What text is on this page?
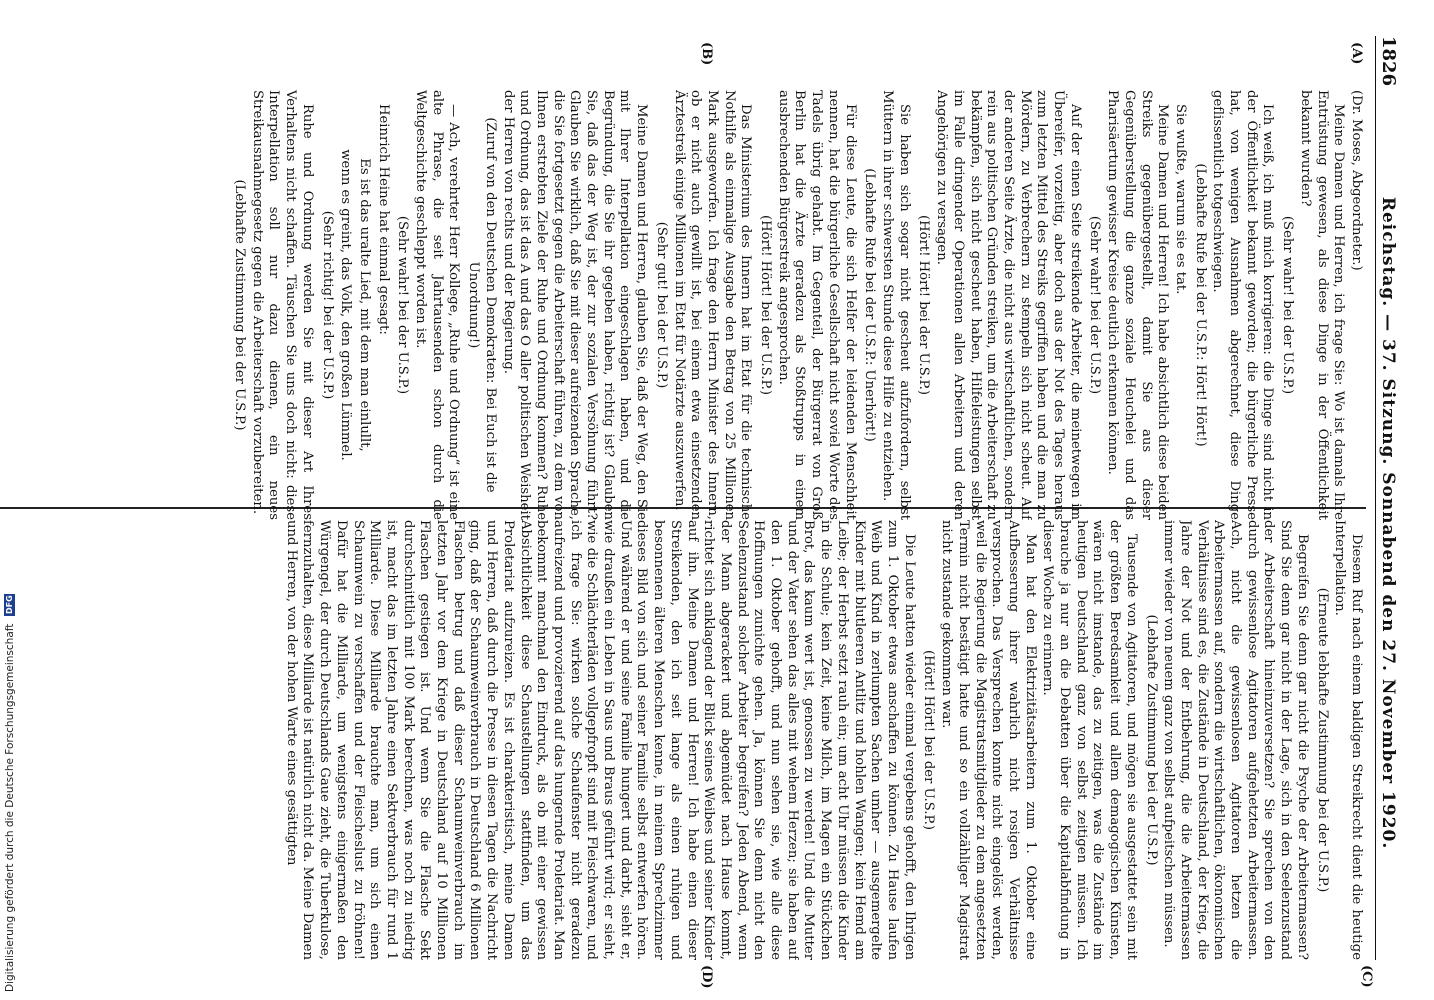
1826
Reichstag. — 37. Sitzung. Sonnabend den 27. November 1920.
(A)
(B)
(C)
(D)

(Dr. Moses, Abgeordneter.)

Meine Damen und Herren, ich frage Sie: Wo ist damals Ihre Entrüstung gewesen, als diese Dinge in der Öffentlichkeit bekannt wurden?

(Sehr wahr! bei der U.S.P.)

Ich weiß, ich muß mich korrigieren: die Dinge sind nicht in der Öffentlichkeit bekannt geworden; die bürgerliche Presse hat, von wenigen Ausnahmen abgerechnet, diese Dinge geflissentlich totgeschwiegen.

(Lebhafte Rufe bei der U.S.P.: Hört! Hört!)

Sie wußte, warum sie es tat.

Meine Damen und Herren! Ich habe absichtlich diese beiden Streiks gegenübergestellt, damit Sie aus dieser Gegenüberstellung die ganze soziale Heuchelei und das Pharisäertum gewisser Kreise deutlich erkennen können.

(Sehr wahr! bei der U.S.P.)

Auf der einen Seite streikende Arbeiter, die meinetwegen im Übereifer, vorzeitig, aber doch aus der Not des Tages heraus zum letzten Mittel des Streiks gegriffen haben und die man zu Mördern, zu Verbrechern zu stempeln sich nicht scheut. Auf der anderen Seite Ärzte, die nicht aus wirtschaftlichen, sondern rein aus politischen Gründen streiken, um die Arbeiterschaft zu bekämpfen, sich nicht gescheut haben, Hilfeleistungen selbst im Falle dringender Operationen allen Arbeitern und deren Angehörigen zu versagen.

(Hört! Hört! bei der U.S.P.)

Sie haben sich sogar nicht gescheut aufzufordern, selbst Müttern in ihrer schwersten Stunde diese Hilfe zu entziehen.

(Lebhafte Rufe bei der U.S.P.: Unerhört!)

Für diese Leute, die sich Helfer der leidenden Menschheit nennen, hat die bürgerliche Gesellschaft nicht soviel Worte des Tadels übrig gehabt. Im Gegenteil, der Bürgerrat von Groß Berlin hat die Ärzte geradezu als Stoßtrupps in einem ausbrechenden Bürgerstreik angesprochen.

(Hört! Hört! bei der U.S.P.)

Das Ministerium des Innern hat im Etat für die technische Nothilfe als einmalige Ausgabe den Betrag von 25 Millionen Mark ausgeworfen. Ich frage den Herrn Minister des Innern, ob er nicht auch gewillt ist, bei einem etwa einsetzenden Ärztestreik einige Millionen im Etat für Notärzte auszuwerfen.

(Sehr gut! bei der U.S.P.)

Meine Damen und Herren, glauben Sie, daß der Weg, den Sie mit Ihrer Interpellation eingeschlagen haben, und die Begründung, die Sie ihr gegeben haben, richtig ist? Glauben Sie, daß das der Weg ist, der zur sozialen Versöhnung führt? Glauben Sie wirklich, daß Sie mit dieser aufreizenden Sprache, die Sie fortgesetzt gegen die Arbeiterschaft führen, zu dem von Ihnen erstrebten Ziele der Ruhe und Ordnung kommen? Ruhe und Ordnung, das ist das A und das O aller politischen Weisheit der Herren von rechts und der Regierung.

(Zuruf von den Deutschen Demokraten: Bei Euch ist die Unordnung!)

— Ach, verehrter Herr Kollege, „Ruhe und Ordnung“ ist eine alte Phrase, die seit Jahrtausenden schon durch die Weltgeschichte geschleppt worden ist.

(Sehr wahr! bei der U.S.P.)

Heinrich Heine hat einmal gesagt:

Es ist das uralte Lied, mit dem man einlullt,

wenn es greint, das Volk, den großen Lümmel.

(Sehr richtig! bei der U.S.P.)

Ruhe und Ordnung werden Sie mit dieser Art Ihres Verhaltens nicht schaffen. Täuschen Sie uns doch nicht: diese Interpellation soll nur dazu dienen, ein neues Streikausnahmegesetz gegen die Arbeiterschaft vorzubereiten.

(Lebhafte Zustimmung bei der U.S.P.)

Diesem Ruf nach einem baldigen Streikrecht dient die heutige Interpellation.

(Erneute lebhafte Zustimmung bei der U.S.P.)

Begreifen Sie denn gar nicht die Psyche der Arbeitermassen? Sind Sie denn gar nicht in der Lage, sich in den Seelenzustand der Arbeiterschaft hineinzuversetzen? Sie sprechen von den durch gewissenlose Agitatoren aufgehetzten Arbeitermassen. Ach, nicht die gewissenlosen Agitatoren hetzen die Arbeitermassen auf, sondern die wirtschaftlichen, ökonomischen Verhältnisse sind es, die Zustände in Deutschland, der Krieg, die Jahre der Not und der Entbehrung, die die Arbeitermassen immer wieder von neuem ganz von selbst aufpeitschen müssen.

(Lebhafte Zustimmung bei der U.S.P.)

Tausende von Agitatoren, und mögen sie ausgestattet sein mit der größten Beredsamkeit und allem demagogischen Künsten, wären nicht imstande, das zu zeitigen, was die Zustände im heutigen Deutschland ganz von selbst zeitigen müssen. Ich brauche ja nur an die Debatten über die Kapitalabfindung in dieser Woche zu erinnern.

Man hat den Elektrizitätsarbeitern zum 1. Oktober eine Aufbesserung ihrer wahrlich nicht rosigen Verhältnisse versprochen. Das Versprechen konnte nicht eingelöst werden, weil die Regierung die Magistratsmitglieder zu dem angesetzten Termin nicht bestätigt hatte und so ein vollzähliger Magistrat nicht zustande gekommen war.

(Hört! Hört! bei der U.S.P.)

Die Leute hatten wieder einmal vergebens gehofft, den Ihrigen zum 1. Oktober etwas anschaffen zu können. Zu Hause laufen Weib und Kind in zerlumpten Sachen umher — ausgemergelte Kinder mit blutleeren Antlitz und hohlen Wangen; kein Hemd am Leibe; der Herbst setzt rauh ein; um acht Uhr müssen die Kinder in die Schule; kein Zeit, keine Milch, im Magen ein Stückchen Brot, das kaum wert ist, genossen zu werden! Und die Mutter und der Vater sehen das alles mit wehem Herzen; sie haben auf den 1. Oktober gehofft, und nun sehen sie, wie alle diese Hoffnungen zunichte gehen. Ja, können Sie denn nicht den Seelenzustand solcher Arbeiter begreifen? Jeden Abend, wenn der Mann abgerackert und abgemüdet nach Hause kommt, richtet sich anklagend der Blick seines Weibes und seiner Kinder auf ihn. Meine Damen und Herren! Ich habe einen dieser Streikenden, den ich seit lange als einen ruhigen und besonnenen älteren Menschen kenne, in meinem Sprechzimmer dieses Bild von sich und seiner Familie selbst entwerfen hören. Und während er und seine Familie hungert und darbt, sieht er, wie draußen ein Leben in Saus und Braus geführt wird; er sieht, wie die Schlächterläden vollgepfropft sind mit Fleischwaren, und ich frage Sie: wirken solche Schaufenster nicht geradezu aufreizend und provozierend auf das hungernde Proletariat. Man bekommt manchmal den Eindruck, als ob mit einer gewissen Absichtlichkeit diese Schaustellungen stattfinden, um das Proletariat aufzureizen. Es ist charakteristisch, meine Damen und Herren, daß durch die Presse in diesen Tagen die Nachricht ging, daß der Schaumweinverbrauch in Deutschland 6 Millionen Flaschen betrug und daß dieser Schaumweinverbrauch im letzten Jahr vor dem Kriege in Deutschland auf 10 Millionen Flaschen gestiegen ist. Und wenn Sie die Flasche Sekt durchschnittlich mit 100 Mark berechnen, was noch zu niedrig ist, macht das im letzten Jahre einen Sektverbrauch für rund 1 Milliarde. Diese Milliarde brauchte man, um sich einen Schaumwein zu verschaffen und der Fleischeslust zu fröhnen! Dafür hat die Milliarde, um wenigstens einigermaßen den Würgengel, der durch Deutschlands Gaue zieht, die Tuberkulose, fernzuhalten, diese Milliarde ist natürlich nicht da. Meine Damen und Herren, von der hohen Warte eines gesättigten

Digitalisierung gefördert durch die Deutsche Forschungsgemeinschaft DFG
